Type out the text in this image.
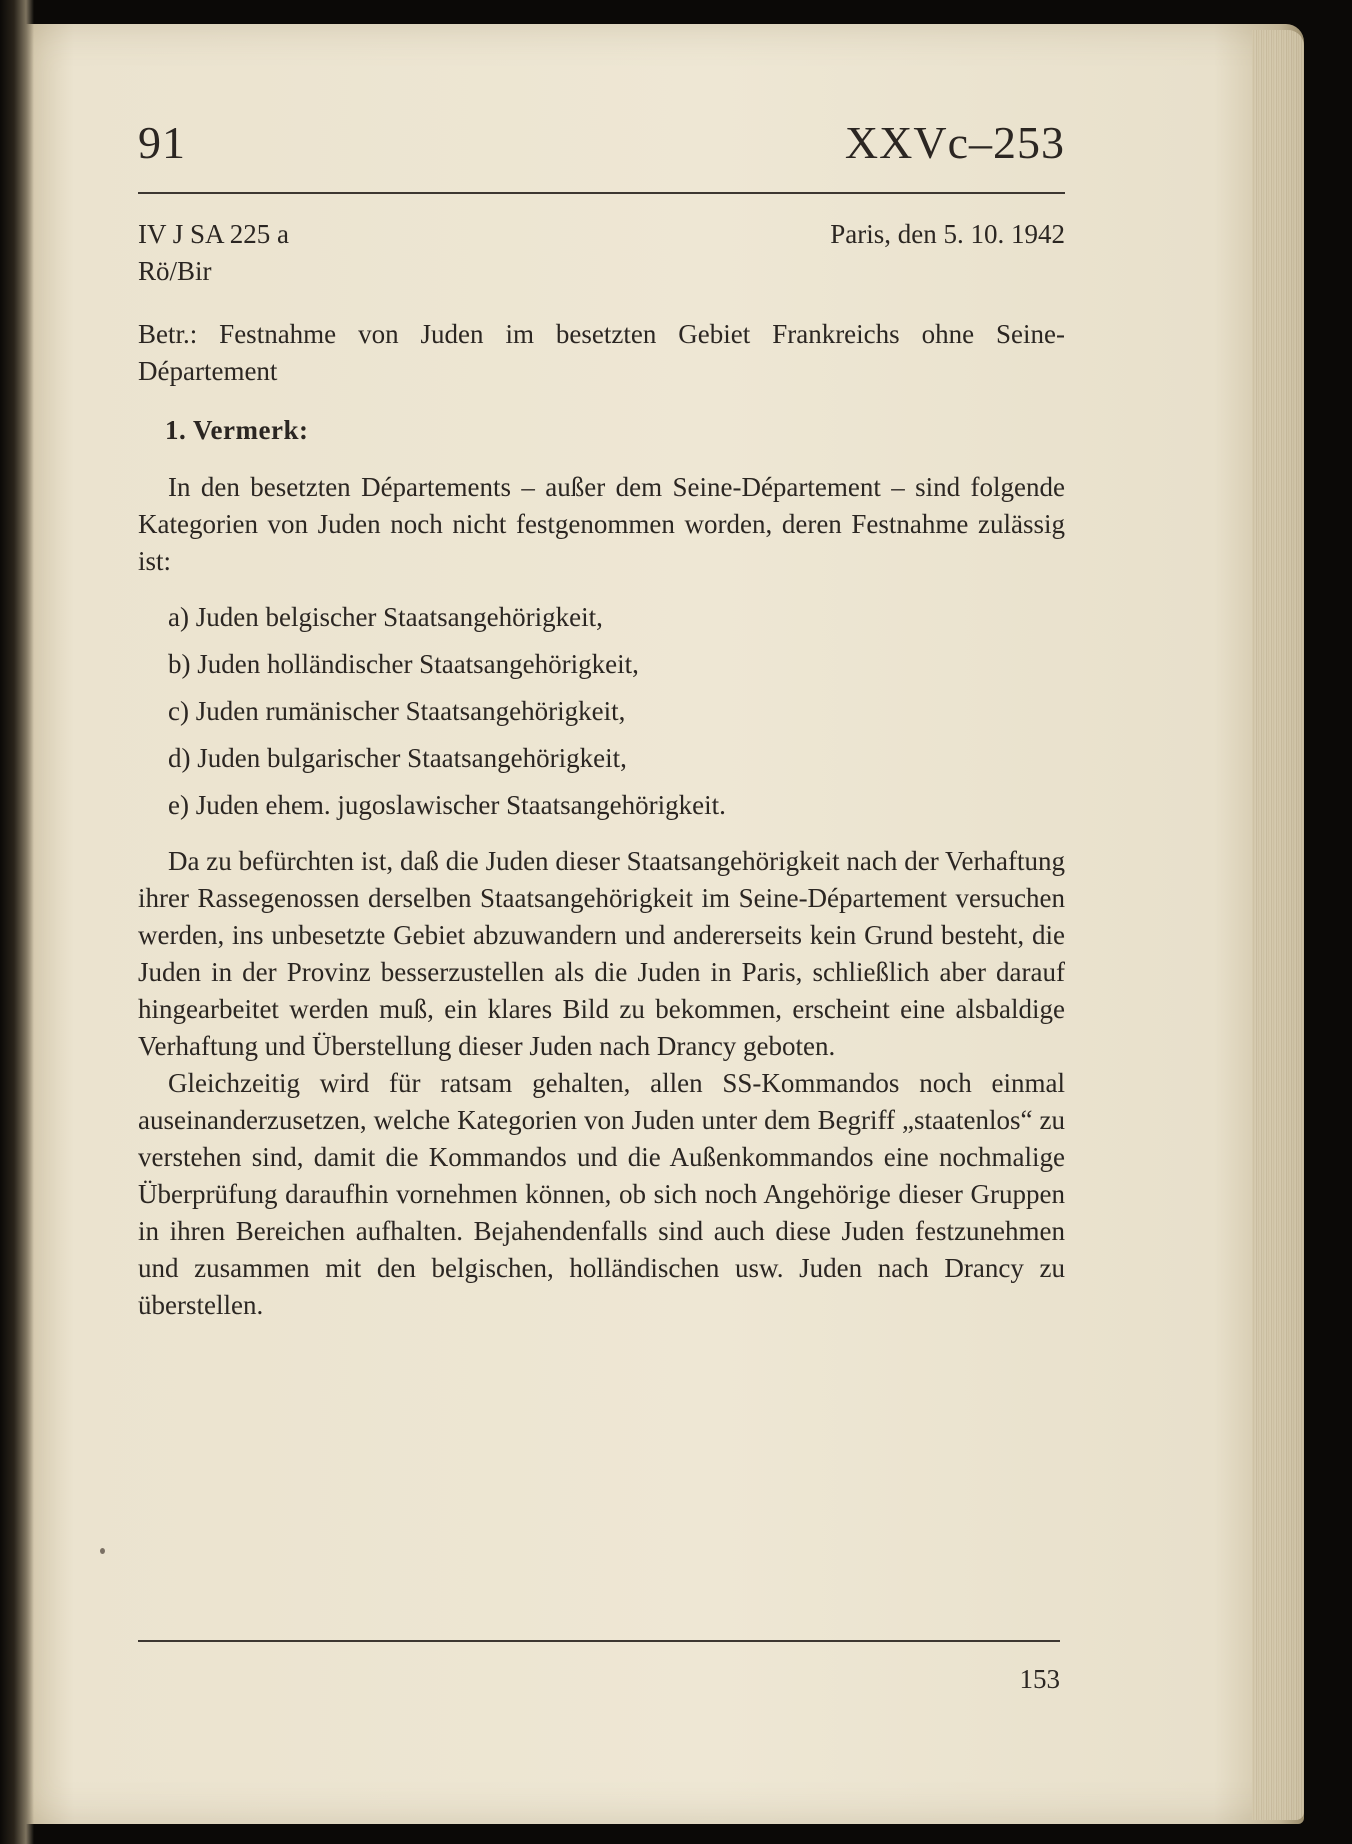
91	XXVc–253
IV J SA 225 a
Rö/Bir
Paris, den 5. 10. 1942

Betr.: Festnahme von Juden im besetzten Gebiet Frankreichs ohne Seine-Département

1. Vermerk:

In den besetzten Départements – außer dem Seine-Département – sind folgende Kategorien von Juden noch nicht festgenommen worden, deren Festnahme zulässig ist:

a) Juden belgischer Staatsangehörigkeit,
b) Juden holländischer Staatsangehörigkeit,
c) Juden rumänischer Staatsangehörigkeit,
d) Juden bulgarischer Staatsangehörigkeit,
e) Juden ehem. jugoslawischer Staatsangehörigkeit.

Da zu befürchten ist, daß die Juden dieser Staatsangehörigkeit nach der Verhaftung ihrer Rassegenossen derselben Staatsangehörigkeit im Seine-Département versuchen werden, ins unbesetzte Gebiet abzuwandern und andererseits kein Grund besteht, die Juden in der Provinz besserzustellen als die Juden in Paris, schließlich aber darauf hingearbeitet werden muß, ein klares Bild zu bekommen, erscheint eine alsbaldige Verhaftung und Überstellung dieser Juden nach Drancy geboten.

Gleichzeitig wird für ratsam gehalten, allen SS-Kommandos noch einmal auseinanderzusetzen, welche Kategorien von Juden unter dem Begriff „staatenlos“ zu verstehen sind, damit die Kommandos und die Außenkommandos eine nochmalige Überprüfung daraufhin vornehmen können, ob sich noch Angehörige dieser Gruppen in ihren Bereichen aufhalten. Bejahendenfalls sind auch diese Juden festzunehmen und zusammen mit den belgischen, holländischen usw. Juden nach Drancy zu überstellen.

153
